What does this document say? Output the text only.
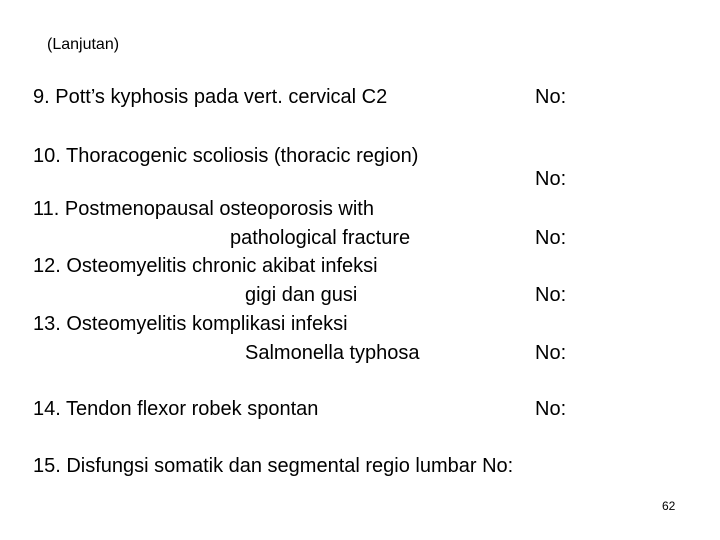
(Lanjutan)
9. Pott’s kyphosis pada vert. cervical C2	No:
10. Thoracogenic scoliosis (thoracic region)
No:
11. Postmenopausal osteoporosis with
pathological fracture	No:
12. Osteomyelitis chronic akibat infeksi
gigi dan gusi	No:
13. Osteomyelitis komplikasi infeksi
Salmonella typhosa	No:
14. Tendon flexor robek spontan	No:
15. Disfungsi somatik dan segmental regio lumbar No:
62
